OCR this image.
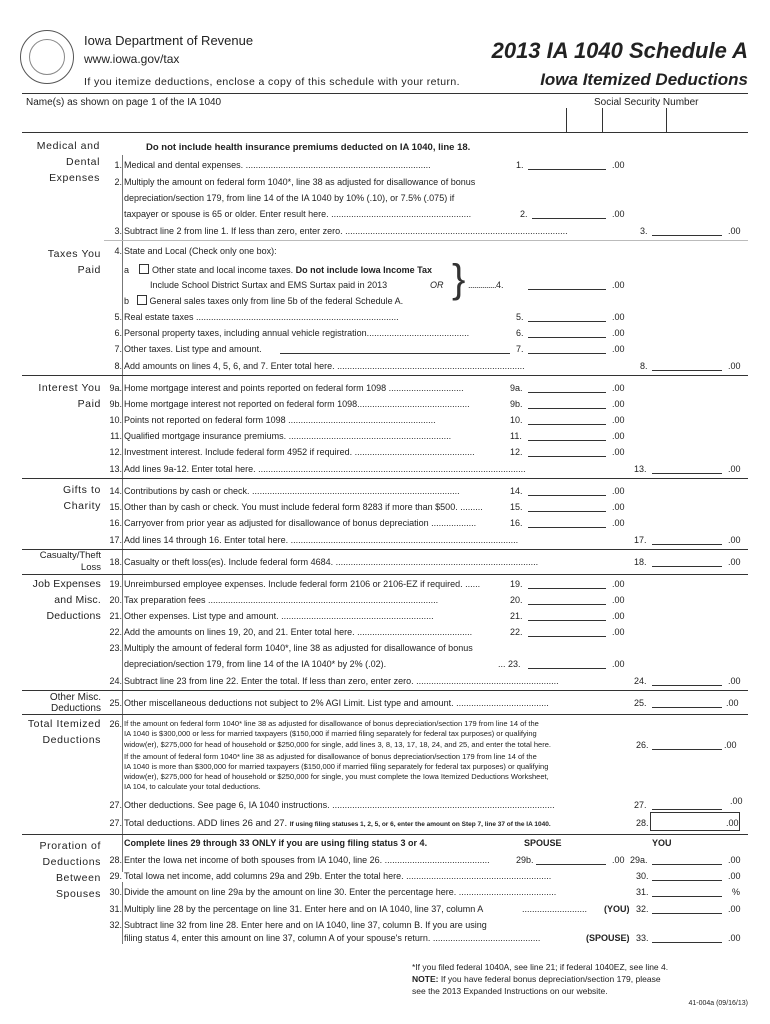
Iowa Department of Revenue
www.iowa.gov/tax	2013 IA 1040 Schedule A
Iowa Itemized Deductions
If you itemize deductions, enclose a copy of this schedule with your return.
Name(s) as shown on page 1 of the IA 1040	Social Security Number
Medical and Dental Expenses
Do not include health insurance premiums deducted on IA 1040, line 18.
1. Medical and dental expenses. ..........................................................................	1.	.00
2. Multiply the amount on federal form 1040*, line 38 as adjusted for disallowance of bonus
depreciation/section 179, from line 14 of the IA 1040 by 10% (.10), or 7.5% (.075) if
taxpayer or spouse is 65 or older. Enter result here. ........................................................	2.	.00
3. Subtract line 2 from line 1. If less than zero, enter zero. .........................................................................................	3.	.00
Taxes You Paid
4. State and Local (Check only one box):
a	Other state and local income taxes. Do not include Iowa Income Tax
Include School District Surtax and EMS Surtax paid in 2013	OR } ..............4.	.00
b General sales taxes only from line 5b of the federal Schedule A.
5. Real estate taxes .................................................................................	5.	.00
6. Personal property taxes, including annual vehicle registration.........................................	6.	.00
7. Other taxes. List type and amount.	7.	.00
8. Add amounts on lines 4, 5, 6, and 7. Enter total here. ...........................................................................	8.	.00
Interest You Paid
9a. Home mortgage interest and points reported on federal form 1098 ..............................	9a.	.00
9b. Home mortgage interest not reported on federal form 1098.............................................	9b.	.00
10. Points not reported on federal form 1098 ...........................................................	10.	.00
11. Qualified mortgage insurance premiums. .................................................................	11.	.00
12. Investment interest. Include federal form 4952 if required. ................................................	12.	.00
13. Add lines 9a-12. Enter total here. ...........................................................................................................	13.	.00
Gifts to Charity
14. Contributions by cash or check. ...................................................................................	14.	.00
15. Other than by cash or check. You must include federal form 8283 if more than $500. .........	15.	.00
16. Carryover from prior year as adjusted for disallowance of bonus depreciation ..................	16.	.00
17. Add lines 14 through 16. Enter total here. ...........................................................................................	17.	.00
Casualty/Theft Loss 18. Casualty or theft loss(es). Include federal form 4684. .................................................................................	18.	.00
Job Expenses and Misc. Deductions
19. Unreimbursed employee expenses. Include federal form 2106 or 2106-EZ if required. ......	19.	.00
20. Tax preparation fees ............................................................................................	20.	.00
21. Other expenses. List type and amount. .............................................................	21.	.00
22. Add the amounts on lines 19, 20, and 21. Enter total here. ..............................................	22.	.00
23. Multiply the amount of federal form 1040*, line 38 as adjusted for disallowance of bonus
depreciation/section 179, from line 14 of the IA 1040* by 2% (.02).	... 23.	.00
24. Subtract line 23 from line 22. Enter the total. If less than zero, enter zero. .........................................................	24.	.00
Other Misc. Deductions 25. Other miscellaneous deductions not subject to 2% AGI Limit. List type and amount. .....................................	25.	.00
Total Itemized Deductions
26. If the amount on federal form 1040* line 38 as adjusted for disallowance of bonus depreciation/section 179 from line 14 of the
IA 1040 is $300,000 or less for married taxpayers ($150,000 if married filing separately for federal tax purposes) or qualifying
widow(er), $275,000 for head of household or $250,000 for single, add lines 3, 8, 13, 17, 18, 24, and 25, and enter the total here.	26.	.00
If the amount of federal form 1040* line 38 as adjusted for disallowance of bonus depreciation/section 179 from line 14 of the
IA 1040 is more than $300,000 for married taxpayers ($150,000 if married filing separately for federal tax purposes) or qualifying
widow(er), $275,000 for head of household or $250,000 for single, you must complete the Iowa Itemized Deductions Worksheet,
IA 104, to calculate your total deductions.
27. Other deductions. See page 6, IA 1040 instructions. .........................................................................................	27.	.00
27. Total deductions. ADD lines 26 and 27. If using filing statuses 1, 2, 5, or 6, enter the amount on Step 7, line 37 of the IA 1040.	28.	.00
Proration of Deductions Between Spouses
Complete lines 29 through 33 ONLY if you are using filing status 3 or 4.	SPOUSE	YOU
28. Enter the Iowa net income of both spouses from IA 1040, line 26. ..........................................	29b.	.00 29a.	.00
29. Total Iowa net income, add columns 29a and 29b. Enter the total here. ..........................................................	30.	.00
30. Divide the amount on line 29a by the amount on line 30. Enter the percentage here. .......................................	31.	%
31. Multiply line 28 by the percentage on line 31. Enter here and on IA 1040, line 37, column A	.......................... (YOU) 32.	.00
32. Subtract line 32 from line 28. Enter here and on IA 1040, line 37, column B. If you are using
filing status 4, enter this amount on line 37, column A of your spouse's return. ...........................................	(SPOUSE) 33.	.00
*If you filed federal 1040A, see line 21; if federal 1040EZ, see line 4.
NOTE: If you have federal bonus depreciation/section 179, please
see the 2013 Expanded Instructions on our website.
41-004a (09/16/13)
